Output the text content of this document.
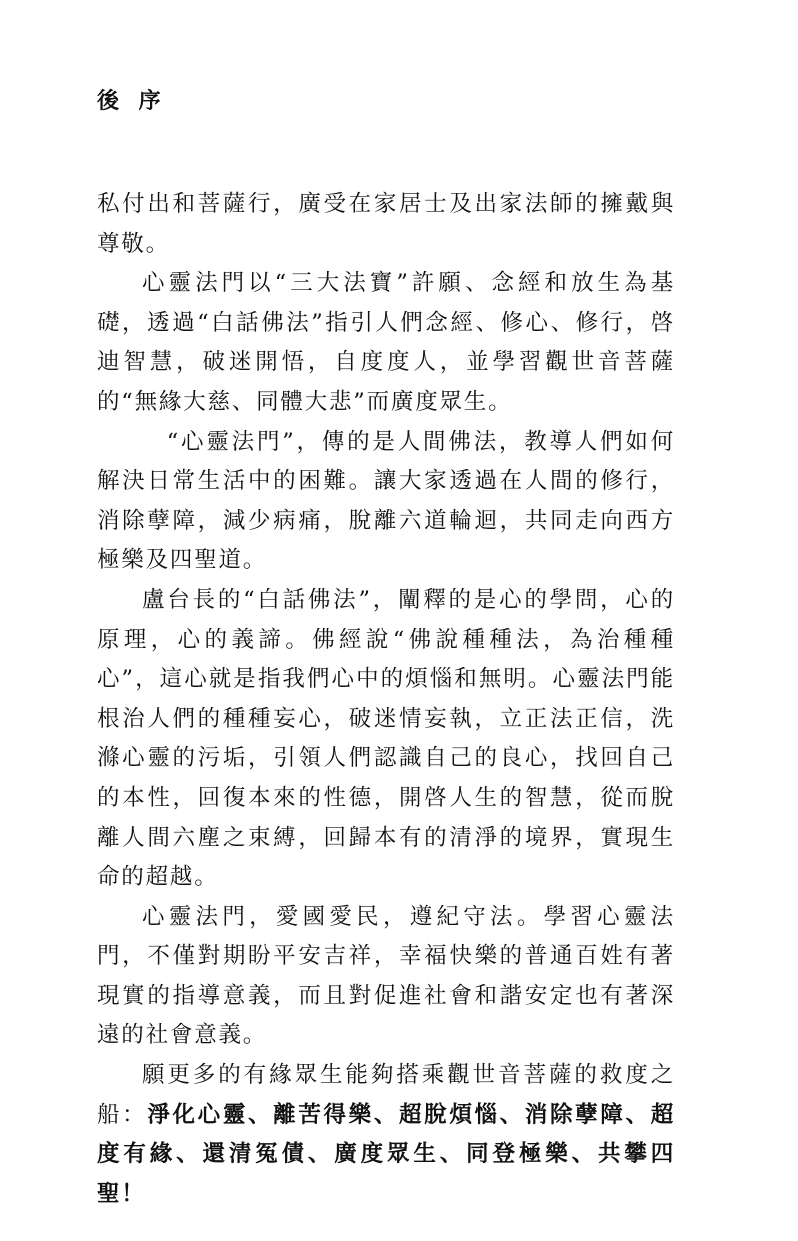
後 序

私付出和菩薩行，廣受在家居士及出家法師的擁戴與尊敬。

心靈法門以“三大法寶”許願、念經和放生為基礎，透過“白話佛法”指引人們念經、修心、修行，啓迪智慧，破迷開悟，自度度人，並學習觀世音菩薩的“無緣大慈、同體大悲”而廣度眾生。

“心靈法門”，傳的是人間佛法，教導人們如何解決日常生活中的困難。讓大家透過在人間的修行，消除孽障，減少病痛，脫離六道輪迴，共同走向西方極樂及四聖道。

盧台長的“白話佛法”，闡釋的是心的學問，心的原理，心的義諦。佛經說“佛說種種法，為治種種心”，這心就是指我們心中的煩惱和無明。心靈法門能根治人們的種種妄心，破迷情妄執，立正法正信，洗滌心靈的污垢，引領人們認識自己的良心，找回自己的本性，回復本來的性德，開啓人生的智慧，從而脫離人間六塵之束縛，回歸本有的清淨的境界，實現生命的超越。

心靈法門，愛國愛民，遵紀守法。學習心靈法門，不僅對期盼平安吉祥，幸福快樂的普通百姓有著現實的指導意義，而且對促進社會和諧安定也有著深遠的社會意義。

願更多的有緣眾生能夠搭乘觀世音菩薩的救度之船：淨化心靈、離苦得樂、超脫煩惱、消除孽障、超度有緣、還清冤債、廣度眾生、同登極樂、共攀四聖！
